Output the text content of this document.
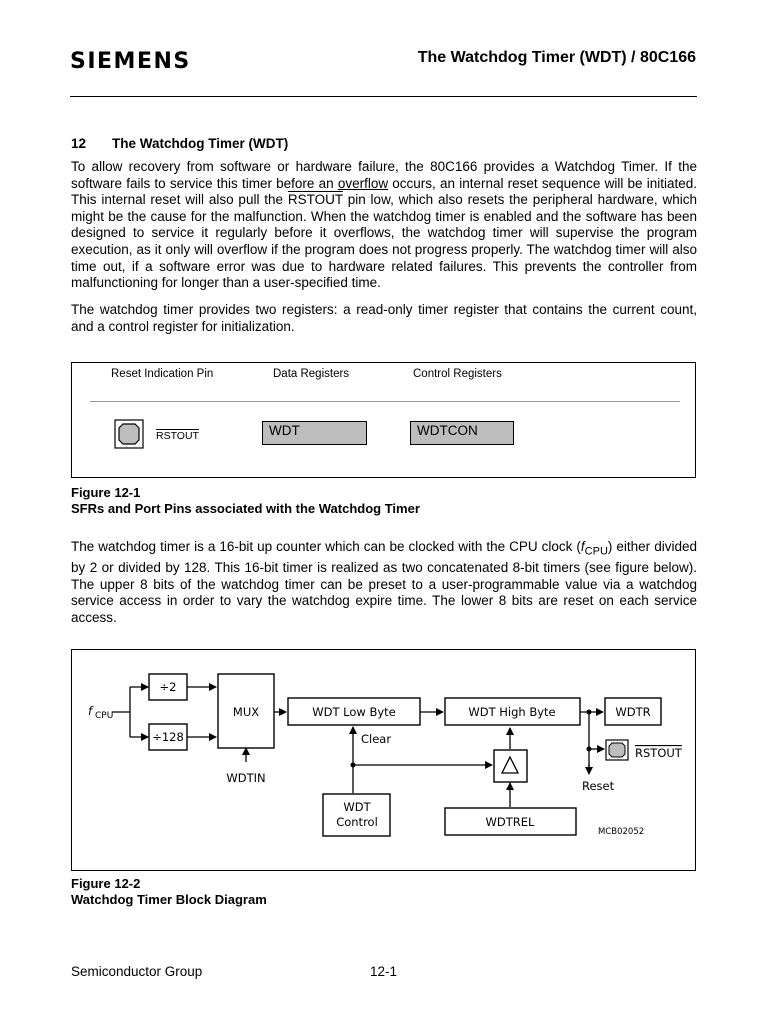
SIEMENS	The Watchdog Timer (WDT) / 80C166
12 The Watchdog Timer (WDT)
To allow recovery from software or hardware failure, the 80C166 provides a Watchdog Timer. If the software fails to service this timer before an overflow occurs, an internal reset sequence will be initiated. This internal reset will also pull the RSTOUT pin low, which also resets the peripheral hardware, which might be the cause for the malfunction. When the watchdog timer is enabled and the software has been designed to service it regularly before it overflows, the watchdog timer will supervise the program execution, as it only will overflow if the program does not progress properly. The watchdog timer will also time out, if a software error was due to hardware related failures. This prevents the controller from malfunctioning for longer than a user-specified time.
The watchdog timer provides two registers: a read-only timer register that contains the current count, and a control register for initialization.
Reset Indication Pin	Data Registers	Control Registers
RSTOUT	WDT	WDTCON
Figure 12-1
SFRs and Port Pins associated with the Watchdog Timer
The watchdog timer is a 16-bit up counter which can be clocked with the CPU clock $(f_{CPU})$ either divided by 2 or divided by 128. This 16-bit timer is realized as two concatenated 8-bit timers (see figure below). The upper 8 bits of the watchdog timer can be preset to a user-programmable value via a watchdog service access in order to vary the watchdog expire time. The lower 8 bits are reset on each service access.
f CPU
÷2
÷128
MUX
WDTIN
WDT Low Byte	WDT High Byte	WDTR
RSTOUT
Clear
Reset
WDT
Control	WDTREL
MCB02052
Figure 12-2
Watchdog Timer Block Diagram
Semiconductor Group	12-1
